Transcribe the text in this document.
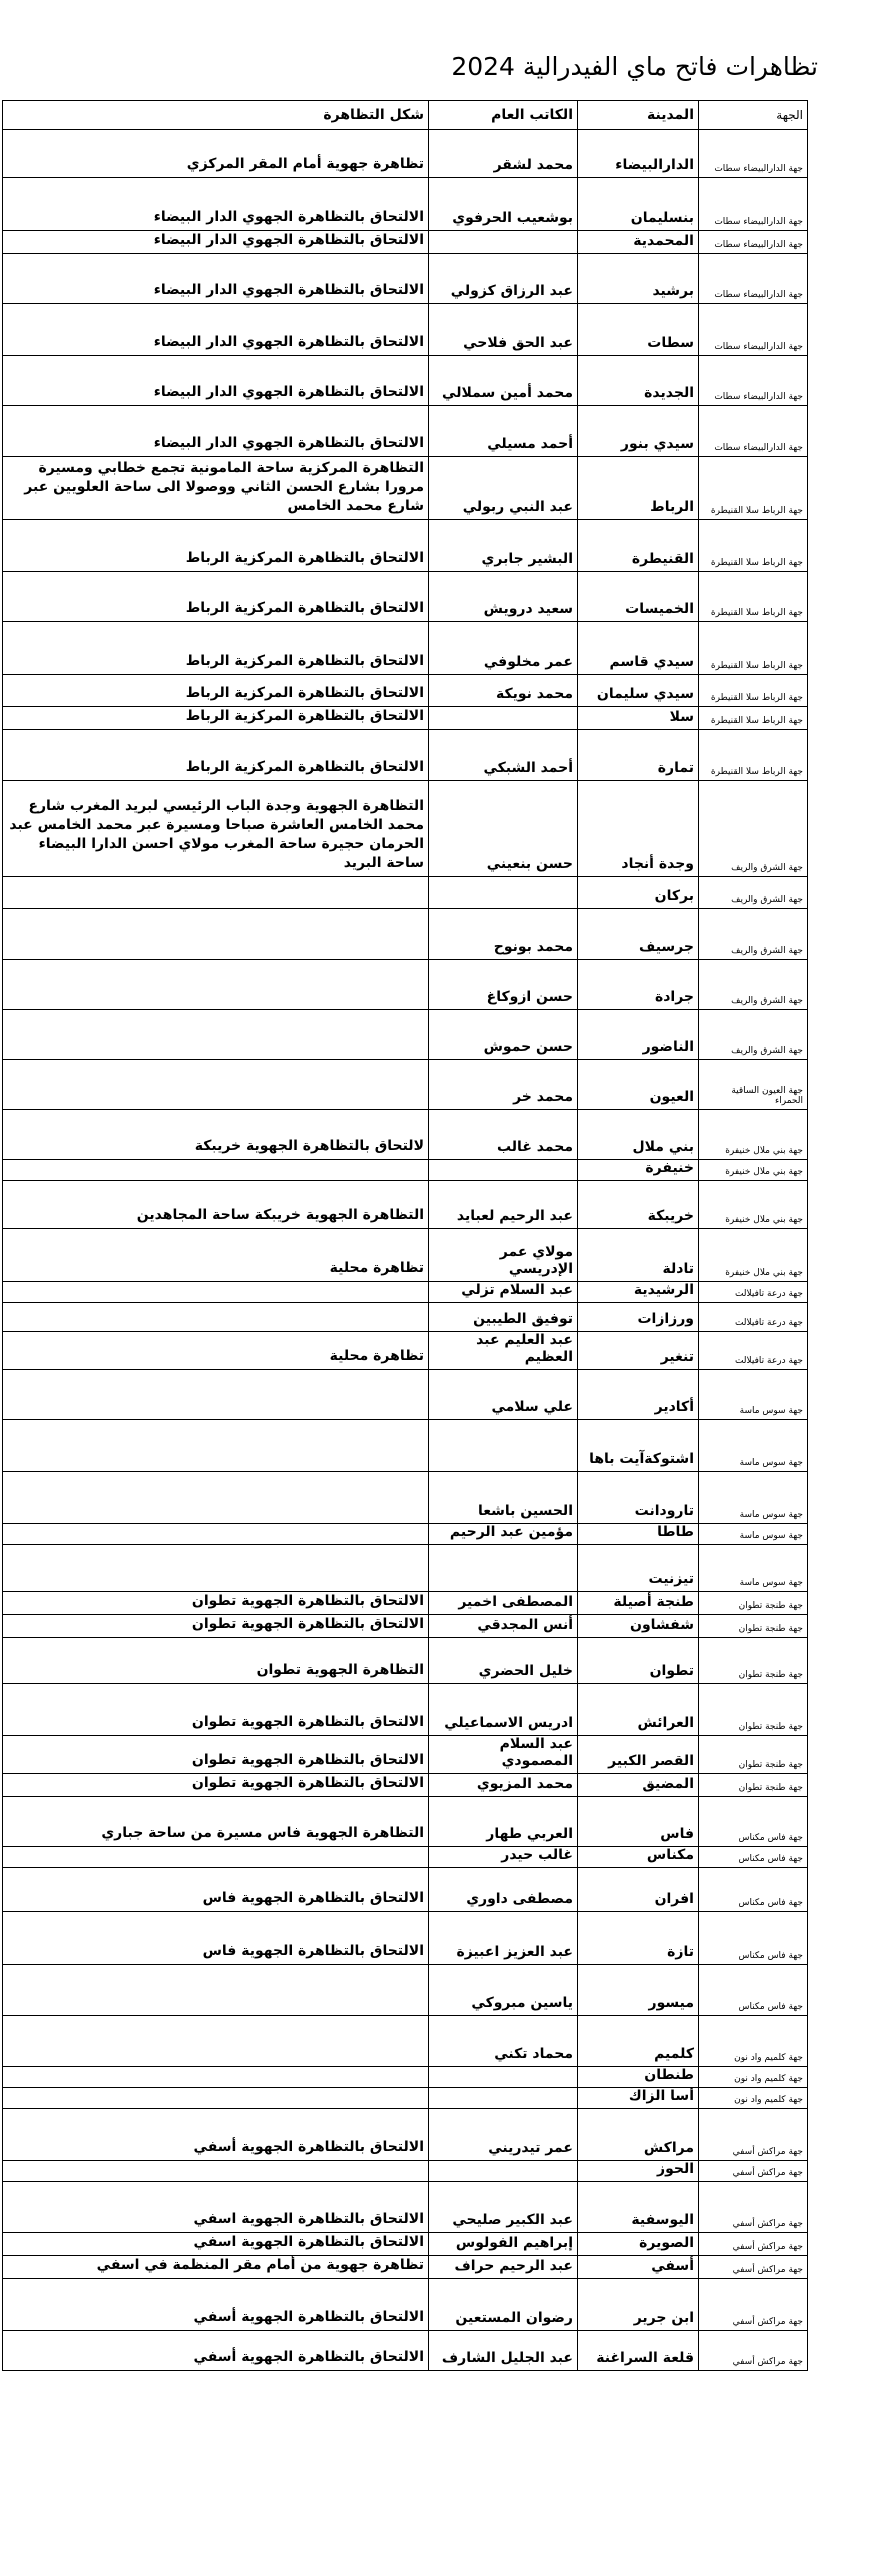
تظاهرات فاتح ماي الفيدرالية 2024
الجهة	المدينة	الكاتب العام	شكل التظاهرة
جهة الدارالبيضاء سطات	الدارالبيضاء	محمد لشقر	تظاهرة جهوية أمام المقر المركزي
جهة الدارالبيضاء سطات	بنسليمان	بوشعيب الحرفوي	الالتحاق بالتظاهرة الجهوي الدار البيضاء
جهة الدارالبيضاء سطات	المحمدية		الالتحاق بالتظاهرة الجهوي الدار البيضاء
جهة الدارالبيضاء سطات	برشيد	عبد الرزاق كزولي	الالتحاق بالتظاهرة الجهوي الدار البيضاء
جهة الدارالبيضاء سطات	سطات	عبد الحق فلاحي	الالتحاق بالتظاهرة الجهوي الدار البيضاء
جهة الدارالبيضاء سطات	الجديدة	محمد أمين سملالي	الالتحاق بالتظاهرة الجهوي الدار البيضاء
جهة الدارالبيضاء سطات	سيدي بنور	أحمد مسيلي	الالتحاق بالتظاهرة الجهوي الدار البيضاء
جهة الرباط سلا القنيطرة	الرباط	عبد النبي ربولي	التظاهرة المركزية ساحة المامونية تجمع خطابي ومسيرة مرورا بشارع الحسن الثاني ووصولا الى ساحة العلويين عبر شارع محمد الخامس
جهة الرباط سلا القنيطرة	القنيطرة	البشير جابري	الالتحاق بالتظاهرة المركزية الرباط
جهة الرباط سلا القنيطرة	الخميسات	سعيد درويش	الالتحاق بالتظاهرة المركزية الرباط
جهة الرباط سلا القنيطرة	سيدي قاسم	عمر مخلوفي	الالتحاق بالتظاهرة المركزية الرباط
جهة الرباط سلا القنيطرة	سيدي سليمان	محمد نويكة	الالتحاق بالتظاهرة المركزية الرباط
جهة الرباط سلا القنيطرة	سلا		الالتحاق بالتظاهرة المركزية الرباط
جهة الرباط سلا القنيطرة	تمارة	أحمد الشبكي	الالتحاق بالتظاهرة المركزية الرباط
جهة الشرق والريف	وجدة أنجاد	حسن بنعيني	التظاهرة الجهوية وجدة الباب الرئيسي لبريد المغرب شارع محمد الخامس العاشرة صباحا ومسيرة عبر محمد الخامس عبد الحرمان حجيرة ساحة المغرب مولاي احسن الدارا البيضاء ساحة البريد
جهة الشرق والريف	بركان		
جهة الشرق والريف	جرسيف	محمد بونوح	
جهة الشرق والريف	جرادة	حسن ازوكاغ	
جهة الشرق والريف	الناضور	حسن حموش	
جهة العيون الساقية الحمراء	العيون	محمد خر	
جهة بني ملال خنيفرة	بني ملال	محمد غالب	لالتحاق بالتظاهرة الجهوية خريبكة
جهة بني ملال خنيفرة	خنيفرة		
جهة بني ملال خنيفرة	خريبكة	عبد الرحيم لعبايد	التظاهرة الجهوية خريبكة ساحة المجاهدين
جهة بني ملال خنيفرة	تادلة	مولاي عمر الإدريسي	تظاهرة محلية
جهة درعة تافيلالت	الرشيدية	عبد السلام تزلي	
جهة درعة تافيلالت	ورزازات	توفيق الطيبين	
جهة درعة تافيلالت	تنغير	عبد العليم عبد العظيم	تظاهرة محلية
جهة سوس ماسة	أكادير	علي سلامي	
جهة سوس ماسة	اشتوكةآيت باها		
جهة سوس ماسة	تارودانت	الحسين باشعا	
جهة سوس ماسة	طاطا	مؤمين عبد الرحيم	
جهة سوس ماسة	تيزنيت		
جهة طنجة تطوان	طنجة أصيلة	المصطفى اخمير	الالتحاق بالتظاهرة الجهوية تطوان
جهة طنجة تطوان	شفشاون	أنس المجدقي	الالتحاق بالتظاهرة الجهوية تطوان
جهة طنجة تطوان	تطوان	خليل الحضري	التظاهرة الجهوية تطوان
جهة طنجة تطوان	العرائش	ادريس الاسماعيلي	الالتحاق بالتظاهرة الجهوية تطوان
جهة طنجة تطوان	القصر الكبير	عبد السلام المصمودي	الالتحاق بالتظاهرة الجهوية تطوان
جهة طنجة تطوان	المضيق	محمد المزيوي	الالتحاق بالتظاهرة الجهوية تطوان
جهة فاس مكناس	فاس	العربي طهار	التظاهرة الجهوية فاس مسيرة من ساحة جباري
جهة فاس مكناس	مكناس	غالب حيدر	
جهة فاس مكناس	افران	مصطفى داوري	الالتحاق بالتظاهرة الجهوية فاس
جهة فاس مكناس	تازة	عبد العزيز اعبيزة	الالتحاق بالتظاهرة الجهوية فاس
جهة فاس مكناس	ميسور	ياسين مبروكي	
جهة كلميم واد نون	كلميم	محماد تكني	
جهة كلميم واد نون	طنطان		
جهة كلميم واد نون	أسا الزاك		
جهة مراكش أسفي	مراكش	عمر تيدريني	الالتحاق بالتظاهرة الجهوية أسفي
جهة مراكش أسفي	الحوز		
جهة مراكش أسفي	اليوسفية	عبد الكبير صليحي	الالتحاق بالتظاهرة الجهوية اسفي
جهة مراكش أسفي	الصويرة	إبراهيم الفولوس	الالتحاق بالتظاهرة الجهوية اسفي
جهة مراكش أسفي	أسفي	عبد الرحيم حراف	تظاهرة جهوية من أمام مقر المنظمة في اسفي
جهة مراكش أسفي	ابن جرير	رضوان المستعين	الالتحاق بالتظاهرة الجهوية أسفي
جهة مراكش أسفي	قلعة السراغنة	عبد الجليل الشارف	الالتحاق بالتظاهرة الجهوية أسفي
